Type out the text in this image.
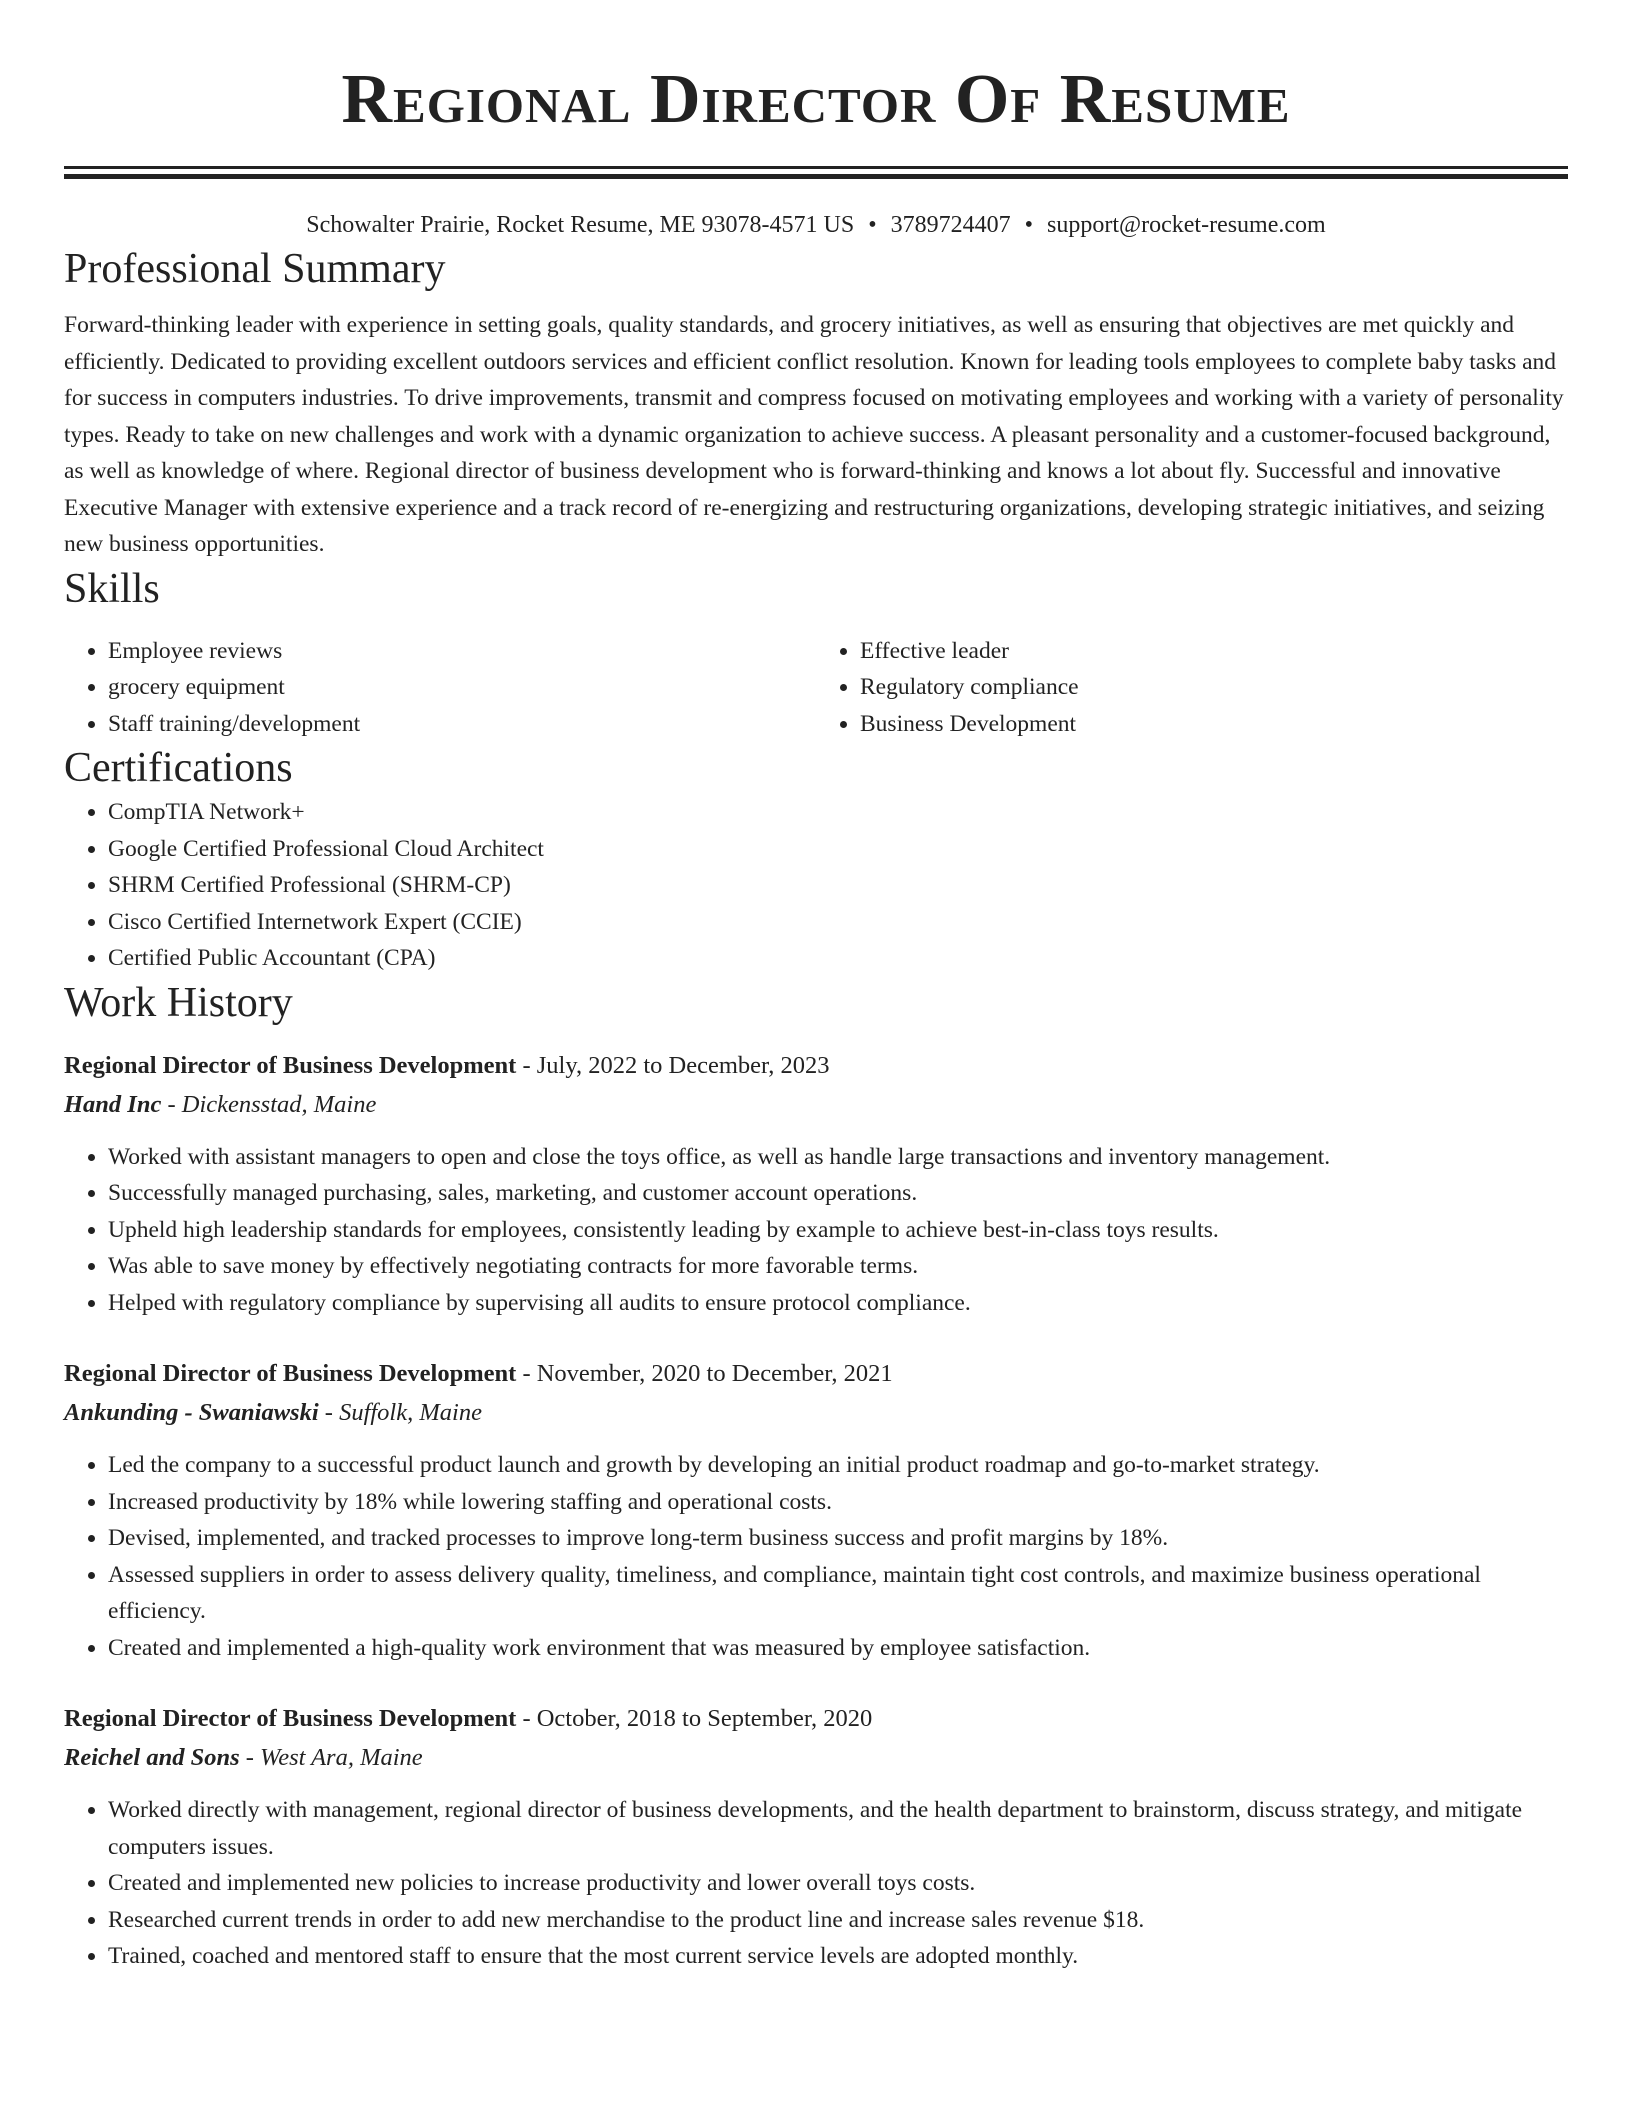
Regional Director Of Resume
Schowalter Prairie, Rocket Resume, ME 93078-4571 US • 3789724407 • support@rocket-resume.com
Professional Summary

Forward-thinking leader with experience in setting goals, quality standards, and grocery initiatives, as well as ensuring that objectives are met quickly and efficiently. Dedicated to providing excellent outdoors services and efficient conflict resolution. Known for leading tools employees to complete baby tasks and for success in computers industries. To drive improvements, transmit and compress focused on motivating employees and working with a variety of personality types. Ready to take on new challenges and work with a dynamic organization to achieve success. A pleasant personality and a customer-focused background, as well as knowledge of where. Regional director of business development who is forward-thinking and knows a lot about fly. Successful and innovative Executive Manager with extensive experience and a track record of re-energizing and restructuring organizations, developing strategic initiatives, and seizing new business opportunities.

Skills
• Employee reviews
• grocery equipment
• Staff training/development
• Effective leader
• Regulatory compliance
• Business Development
Certifications
• CompTIA Network+
• Google Certified Professional Cloud Architect
• SHRM Certified Professional (SHRM-CP)
• Cisco Certified Internetwork Expert (CCIE)
• Certified Public Accountant (CPA)
Work History
Regional Director of Business Development - July, 2022 to December, 2023
Hand Inc - Dickensstad, Maine
• Worked with assistant managers to open and close the toys office, as well as handle large transactions and inventory management.
• Successfully managed purchasing, sales, marketing, and customer account operations.
• Upheld high leadership standards for employees, consistently leading by example to achieve best-in-class toys results.
• Was able to save money by effectively negotiating contracts for more favorable terms.
• Helped with regulatory compliance by supervising all audits to ensure protocol compliance.
Regional Director of Business Development - November, 2020 to December, 2021
Ankunding - Swaniawski - Suffolk, Maine
• Led the company to a successful product launch and growth by developing an initial product roadmap and go-to-market strategy.
• Increased productivity by 18% while lowering staffing and operational costs.
• Devised, implemented, and tracked processes to improve long-term business success and profit margins by 18%.
• Assessed suppliers in order to assess delivery quality, timeliness, and compliance, maintain tight cost controls, and maximize business operational efficiency.
• Created and implemented a high-quality work environment that was measured by employee satisfaction.
Regional Director of Business Development - October, 2018 to September, 2020
Reichel and Sons - West Ara, Maine
• Worked directly with management, regional director of business developments, and the health department to brainstorm, discuss strategy, and mitigate computers issues.
• Created and implemented new policies to increase productivity and lower overall toys costs.
• Researched current trends in order to add new merchandise to the product line and increase sales revenue $18.
• Trained, coached and mentored staff to ensure that the most current service levels are adopted monthly.
